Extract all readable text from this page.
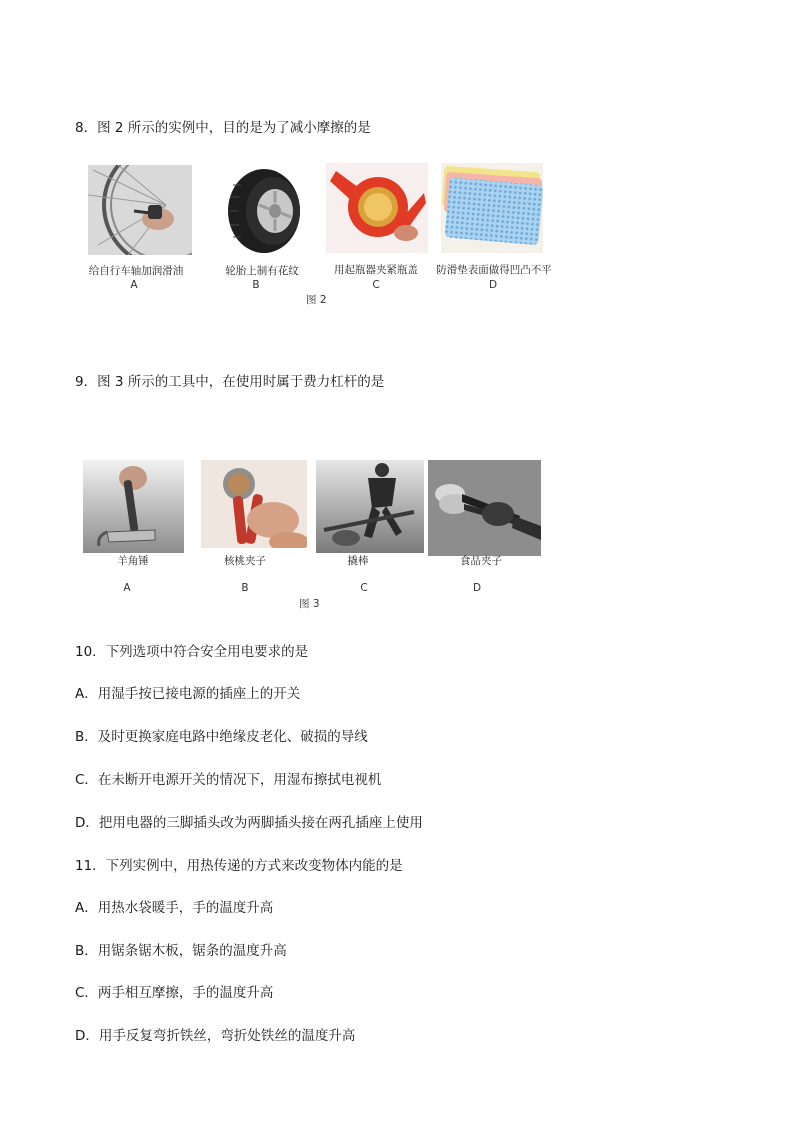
8．图 2 所示的实例中，目的是为了减小摩擦的是
给自行车轴加润滑油	轮胎上制有花纹	用起瓶器夹紧瓶盖	防滑垫表面做得凹凸不平
A	B	C	D
图 2
9．图 3 所示的工具中，在使用时属于费力杠杆的是
羊角锤	核桃夹子	撬棒	食品夹子
A	B	C	D
图 3
10．下列选项中符合安全用电要求的是
A．用湿手按已接电源的插座上的开关
B．及时更换家庭电路中绝缘皮老化、破损的导线
C．在未断开电源开关的情况下，用湿布擦拭电视机
D．把用电器的三脚插头改为两脚插头接在两孔插座上使用
11．下列实例中，用热传递的方式来改变物体内能的是
A．用热水袋暖手，手的温度升高
B．用锯条锯木板，锯条的温度升高
C．两手相互摩擦，手的温度升高
D．用手反复弯折铁丝，弯折处铁丝的温度升高
